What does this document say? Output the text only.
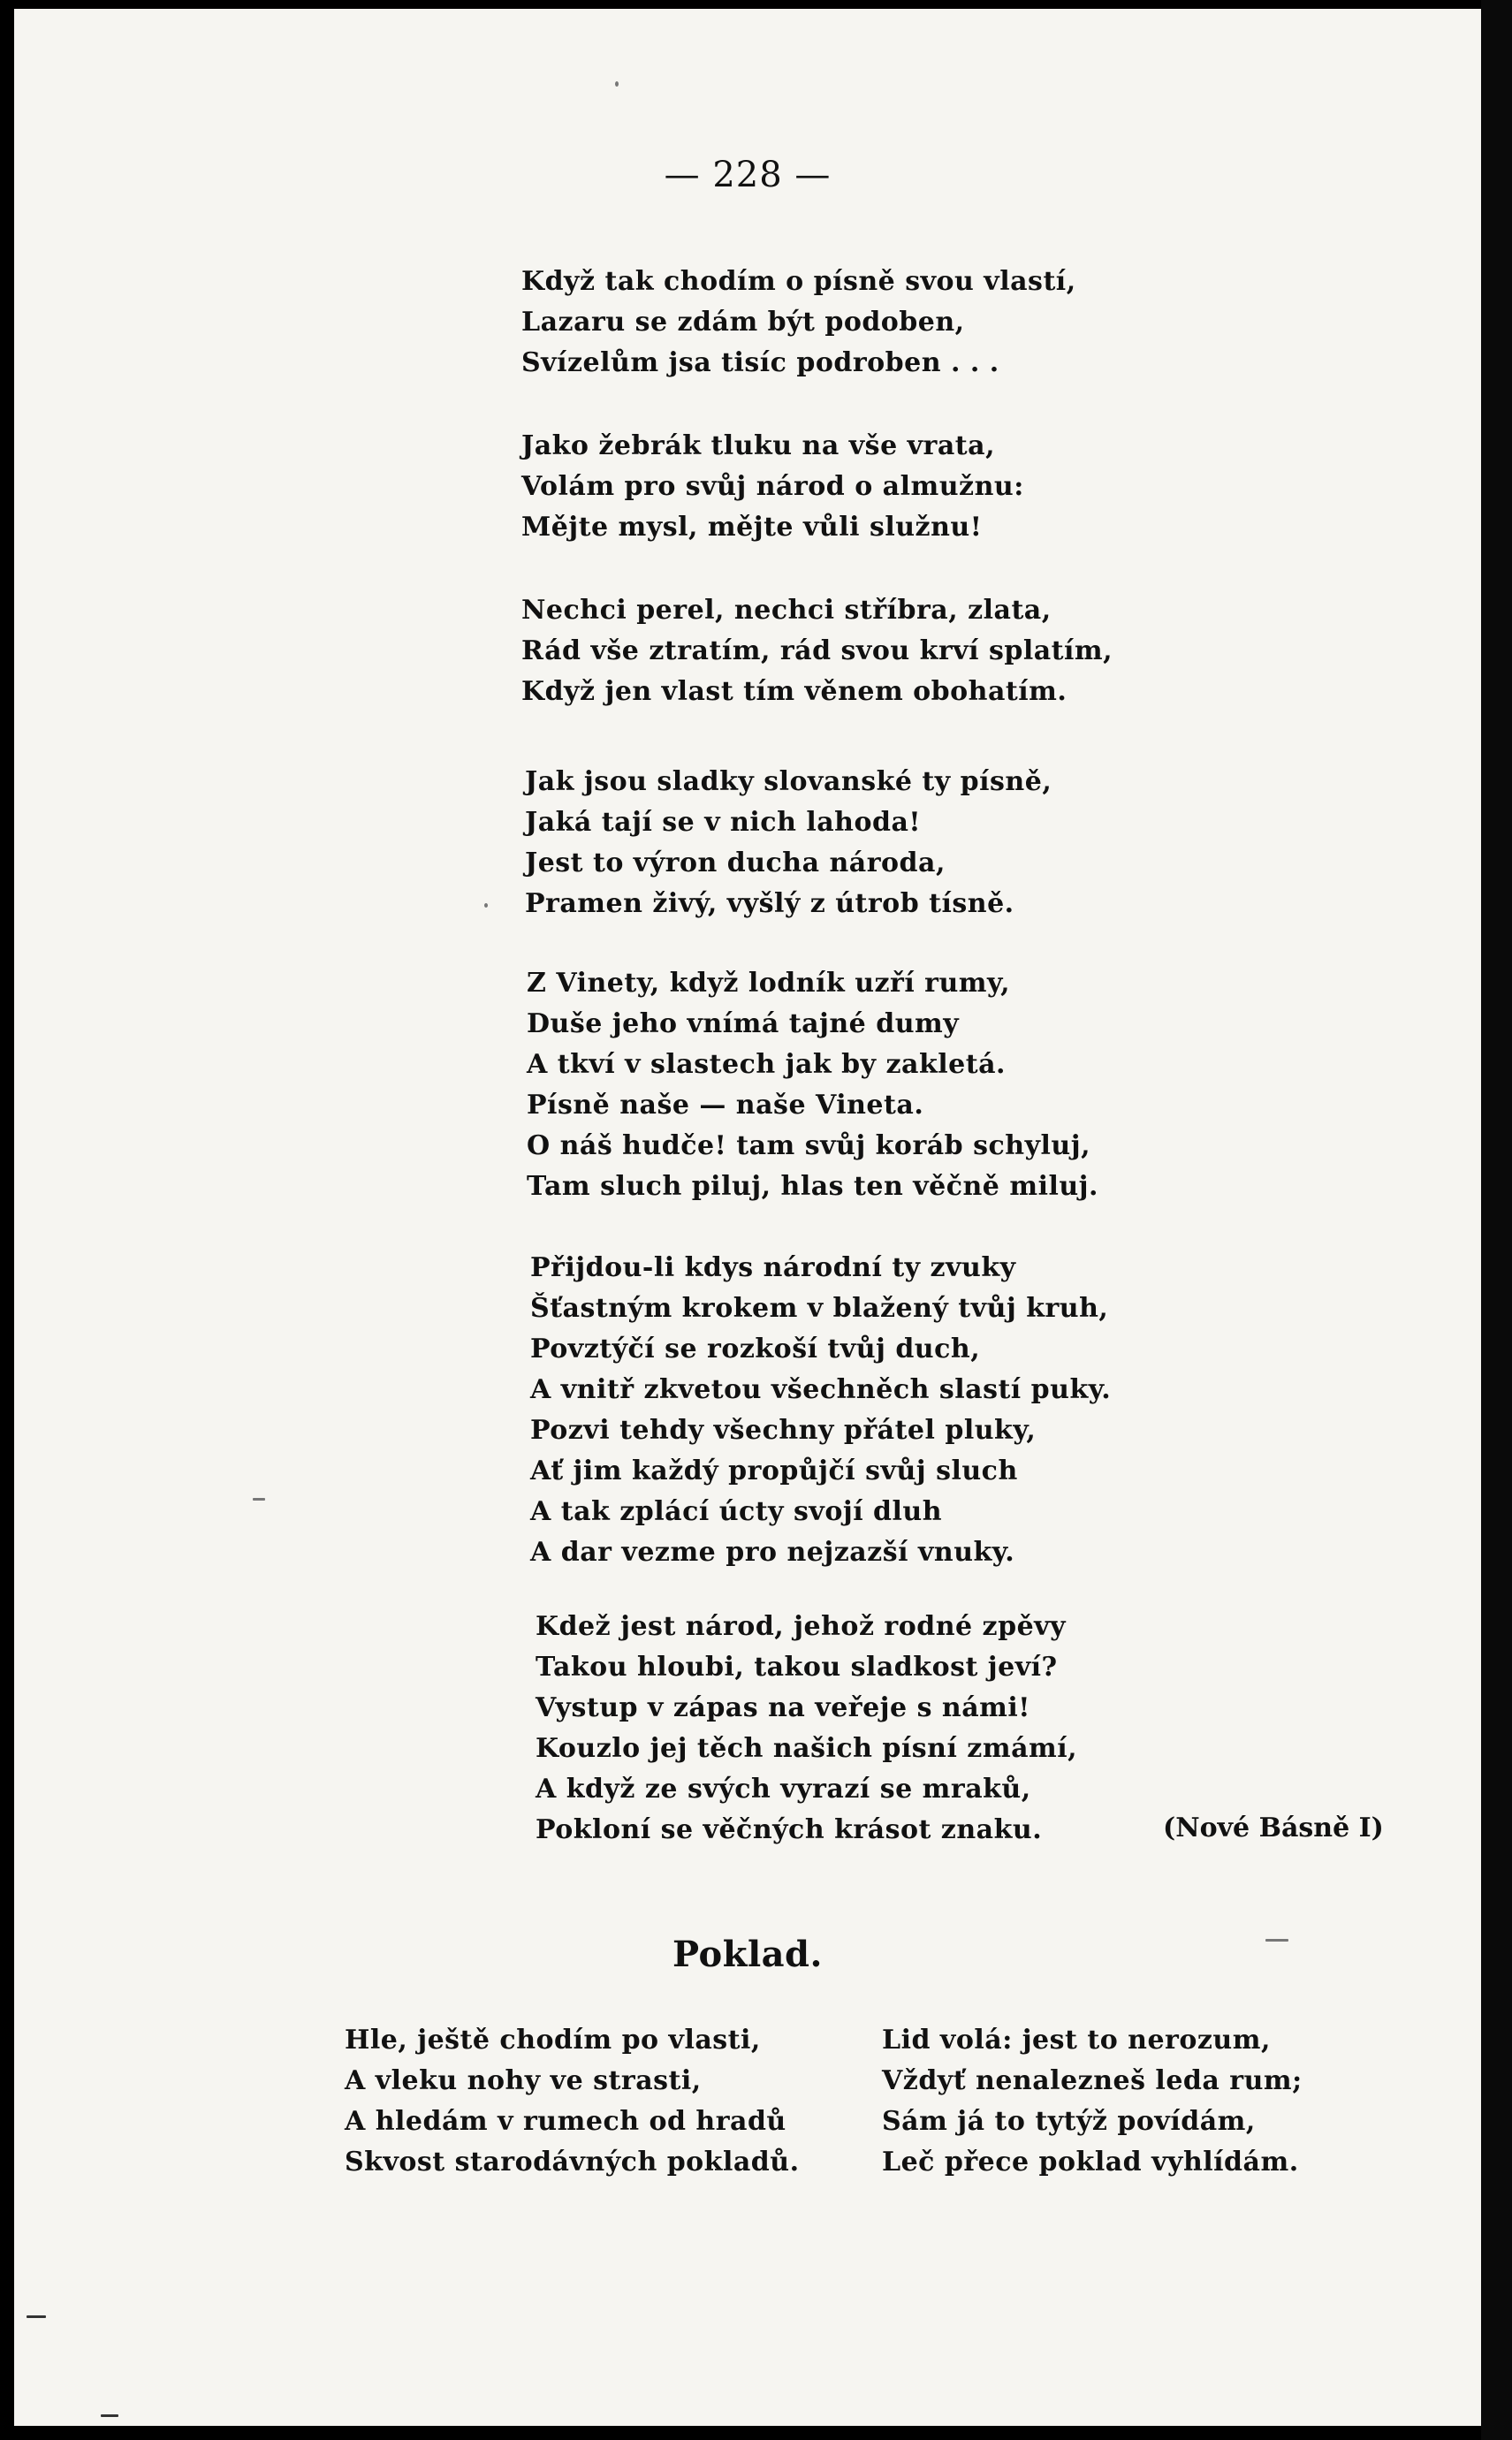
— 228 —
Když tak chodím o písně svou vlastí,
Lazaru se zdám být podoben,
Svízelům jsa tisíc podroben . . .
Jako žebrák tluku na vše vrata,
Volám pro svůj národ o almužnu:
Mějte mysl, mějte vůli služnu!
Nechci perel, nechci stříbra, zlata,
Rád vše ztratím, rád svou krví splatím,
Když jen vlast tím věnem obohatím.
Jak jsou sladky slovanské ty písně,
Jaká tají se v nich lahoda!
Jest to výron ducha národa,
Pramen živý, vyšlý z útrob tísně.
Z Vinety, když lodník uzří rumy,
Duše jeho vnímá tajné dumy
A tkví v slastech jak by zakletá.
Písně naše — naše Vineta.
O náš hudče! tam svůj koráb schyluj,
Tam sluch piluj, hlas ten věčně miluj.
Přijdou-li kdys národní ty zvuky
Šťastným krokem v blažený tvůj kruh,
Povztýčí se rozkoší tvůj duch,
A vnitř zkvetou všechněch slastí puky.
Pozvi tehdy všechny přátel pluky,
Ať jim každý propůjčí svůj sluch
A tak zplácí úcty svojí dluh
A dar vezme pro nejzazší vnuky.
Kdež jest národ, jehož rodné zpěvy
Takou hloubi, takou sladkost jeví?
Vystup v zápas na veřeje s námi!
Kouzlo jej těch našich písní zmámí,
A když ze svých vyrazí se mraků,
Pokloní se věčných krásot znaku.	(Nové Básně I)
Poklad.
Hle, ještě chodím po vlasti,
A vleku nohy ve strasti,
A hledám v rumech od hradů
Skvost starodávných pokladů.
Lid volá: jest to nerozum,
Vždyť nenalezneš leda rum;
Sám já to tytýž povídám,
Leč přece poklad vyhlídám.
